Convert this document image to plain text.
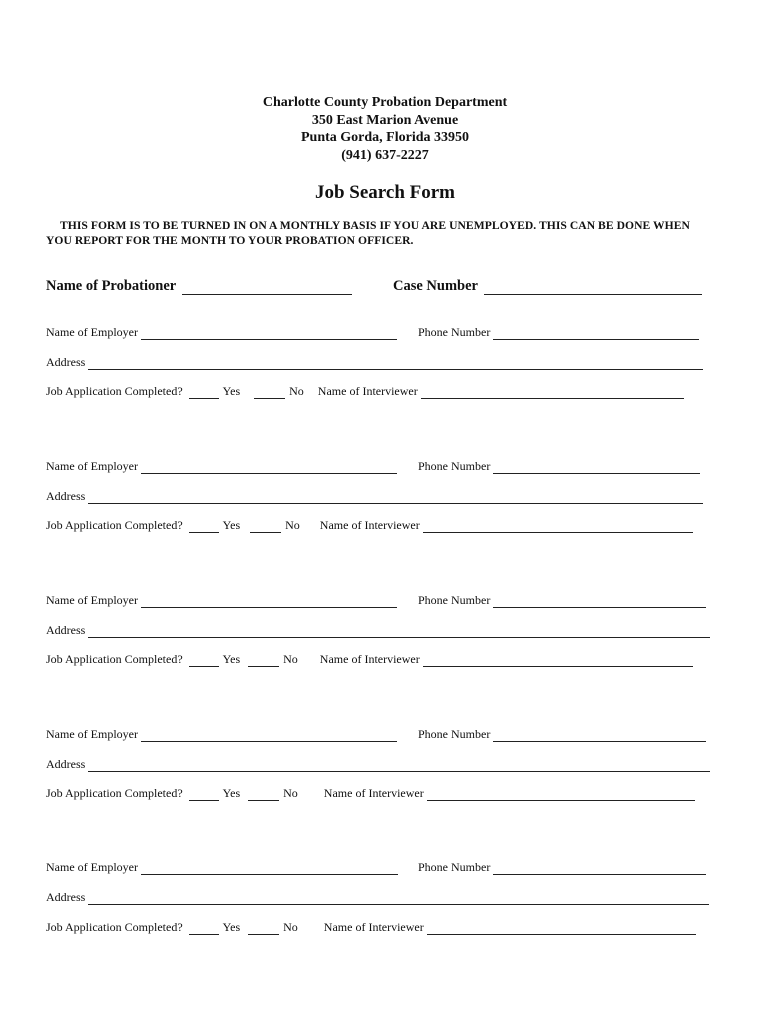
Charlotte County Probation Department
350 East Marion Avenue
Punta Gorda, Florida 33950
(941) 637-2227
Job Search Form
THIS FORM IS TO BE TURNED IN ON A MONTHLY BASIS IF YOU ARE UNEMPLOYED. THIS CAN BE DONE WHEN YOU REPORT FOR THE MONTH TO YOUR PROBATION OFFICER.
Name of Probationer	Case Number
Name of Employer	Phone Number
Address
Job Application Completed?	Yes	No Name of Interviewer
Name of Employer	Phone Number
Address
Job Application Completed?	Yes	No Name of Interviewer
Name of Employer	Phone Number
Address
Job Application Completed?	Yes	No Name of Interviewer
Name of Employer	Phone Number
Address
Job Application Completed?	Yes	No Name of Interviewer
Name of Employer	Phone Number
Address
Job Application Completed?	Yes	No Name of Interviewer
